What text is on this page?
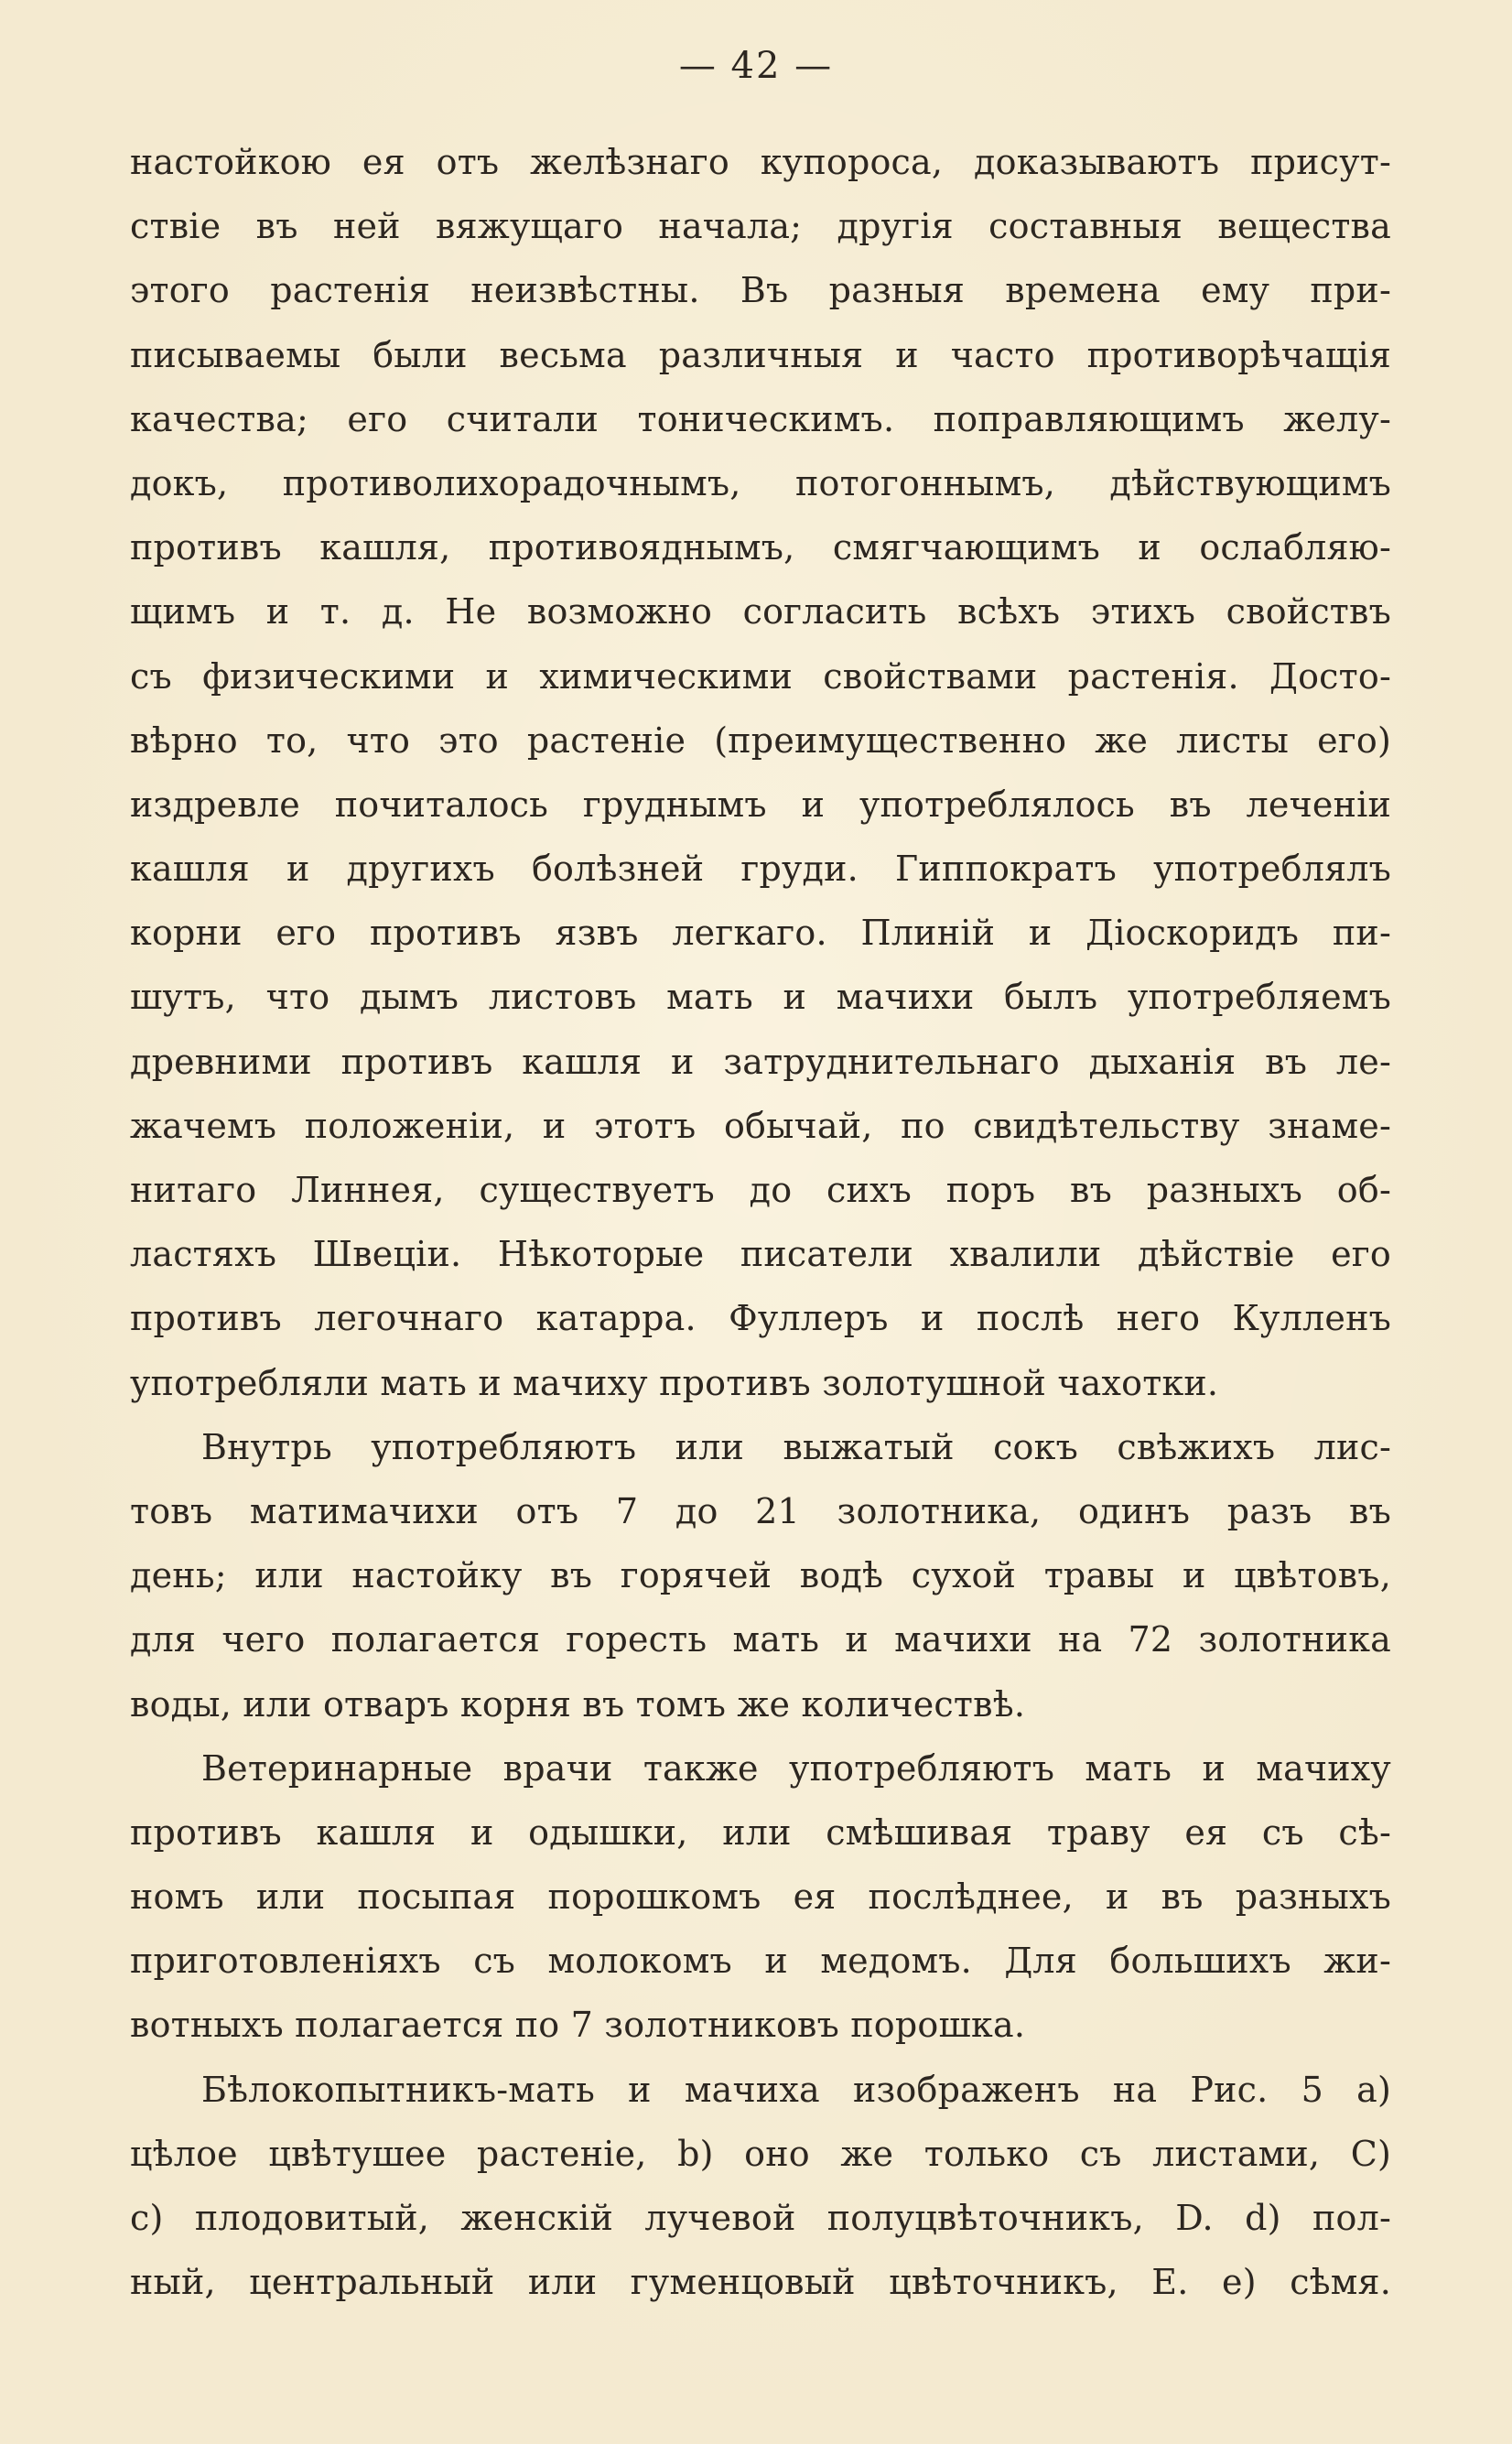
— 42 —
настойкою ея отъ желѣзнаго купороса, доказываютъ присут-
ствіе въ ней вяжущаго начала; другія составныя вещества
этого растенія неизвѣстны. Въ разныя времена ему при-
писываемы были весьма различныя и часто противорѣчащія
качества; его считали тоническимъ. поправляющимъ желу-
докъ, противолихорадочнымъ, потогоннымъ, дѣйствующимъ
противъ кашля, противояднымъ, смягчающимъ и ослабляю-
щимъ и т. д. Не возможно согласить всѣхъ этихъ свойствъ
съ физическими и химическими свойствами растенія. Досто-
вѣрно то, что это растеніе (преимущественно же листы его)
издревле почиталось груднымъ и употреблялось въ леченіи
кашля и другихъ болѣзней груди. Гиппократъ употреблялъ
корни его противъ язвъ легкаго. Плиній и Діоскоридъ пи-
шутъ, что дымъ листовъ мать и мачихи былъ употребляемъ
древними противъ кашля и затруднительнаго дыханія въ ле-
жачемъ положеніи, и этотъ обычай, по свидѣтельству знаме-
нитаго Линнея, существуетъ до сихъ поръ въ разныхъ об-
ластяхъ Швеціи. Нѣкоторые писатели хвалили дѣйствіе его
противъ легочнаго катарра. Фуллеръ и послѣ него Кулленъ
употребляли мать и мачиху противъ золотушной чахотки.
Внутрь употребляютъ или выжатый сокъ свѣжихъ лис-
товъ матимачихи отъ 7 до 21 золотника, одинъ разъ въ
день; или настойку въ горячей водѣ сухой травы и цвѣтовъ,
для чего полагается горесть мать и мачихи на 72 золотника
воды, или отваръ корня въ томъ же количествѣ.
Ветеринарные врачи также употребляютъ мать и мачиху
противъ кашля и одышки, или смѣшивая траву ея съ сѣ-
номъ или посыпая порошкомъ ея послѣднее, и въ разныхъ
приготовленіяхъ съ молокомъ и медомъ. Для большихъ жи-
вотныхъ полагается по 7 золотниковъ порошка.
Бѣлокопытникъ-мать и мачиха изображенъ на Рис. 5 a)
цѣлое цвѣтушее растеніе, b) оно же только съ листами, С)
c) плодовитый, женскій лучевой полуцвѣточникъ, D. d) пол-
ный, центральный или гуменцовый цвѣточникъ, Е. e) сѣмя.
